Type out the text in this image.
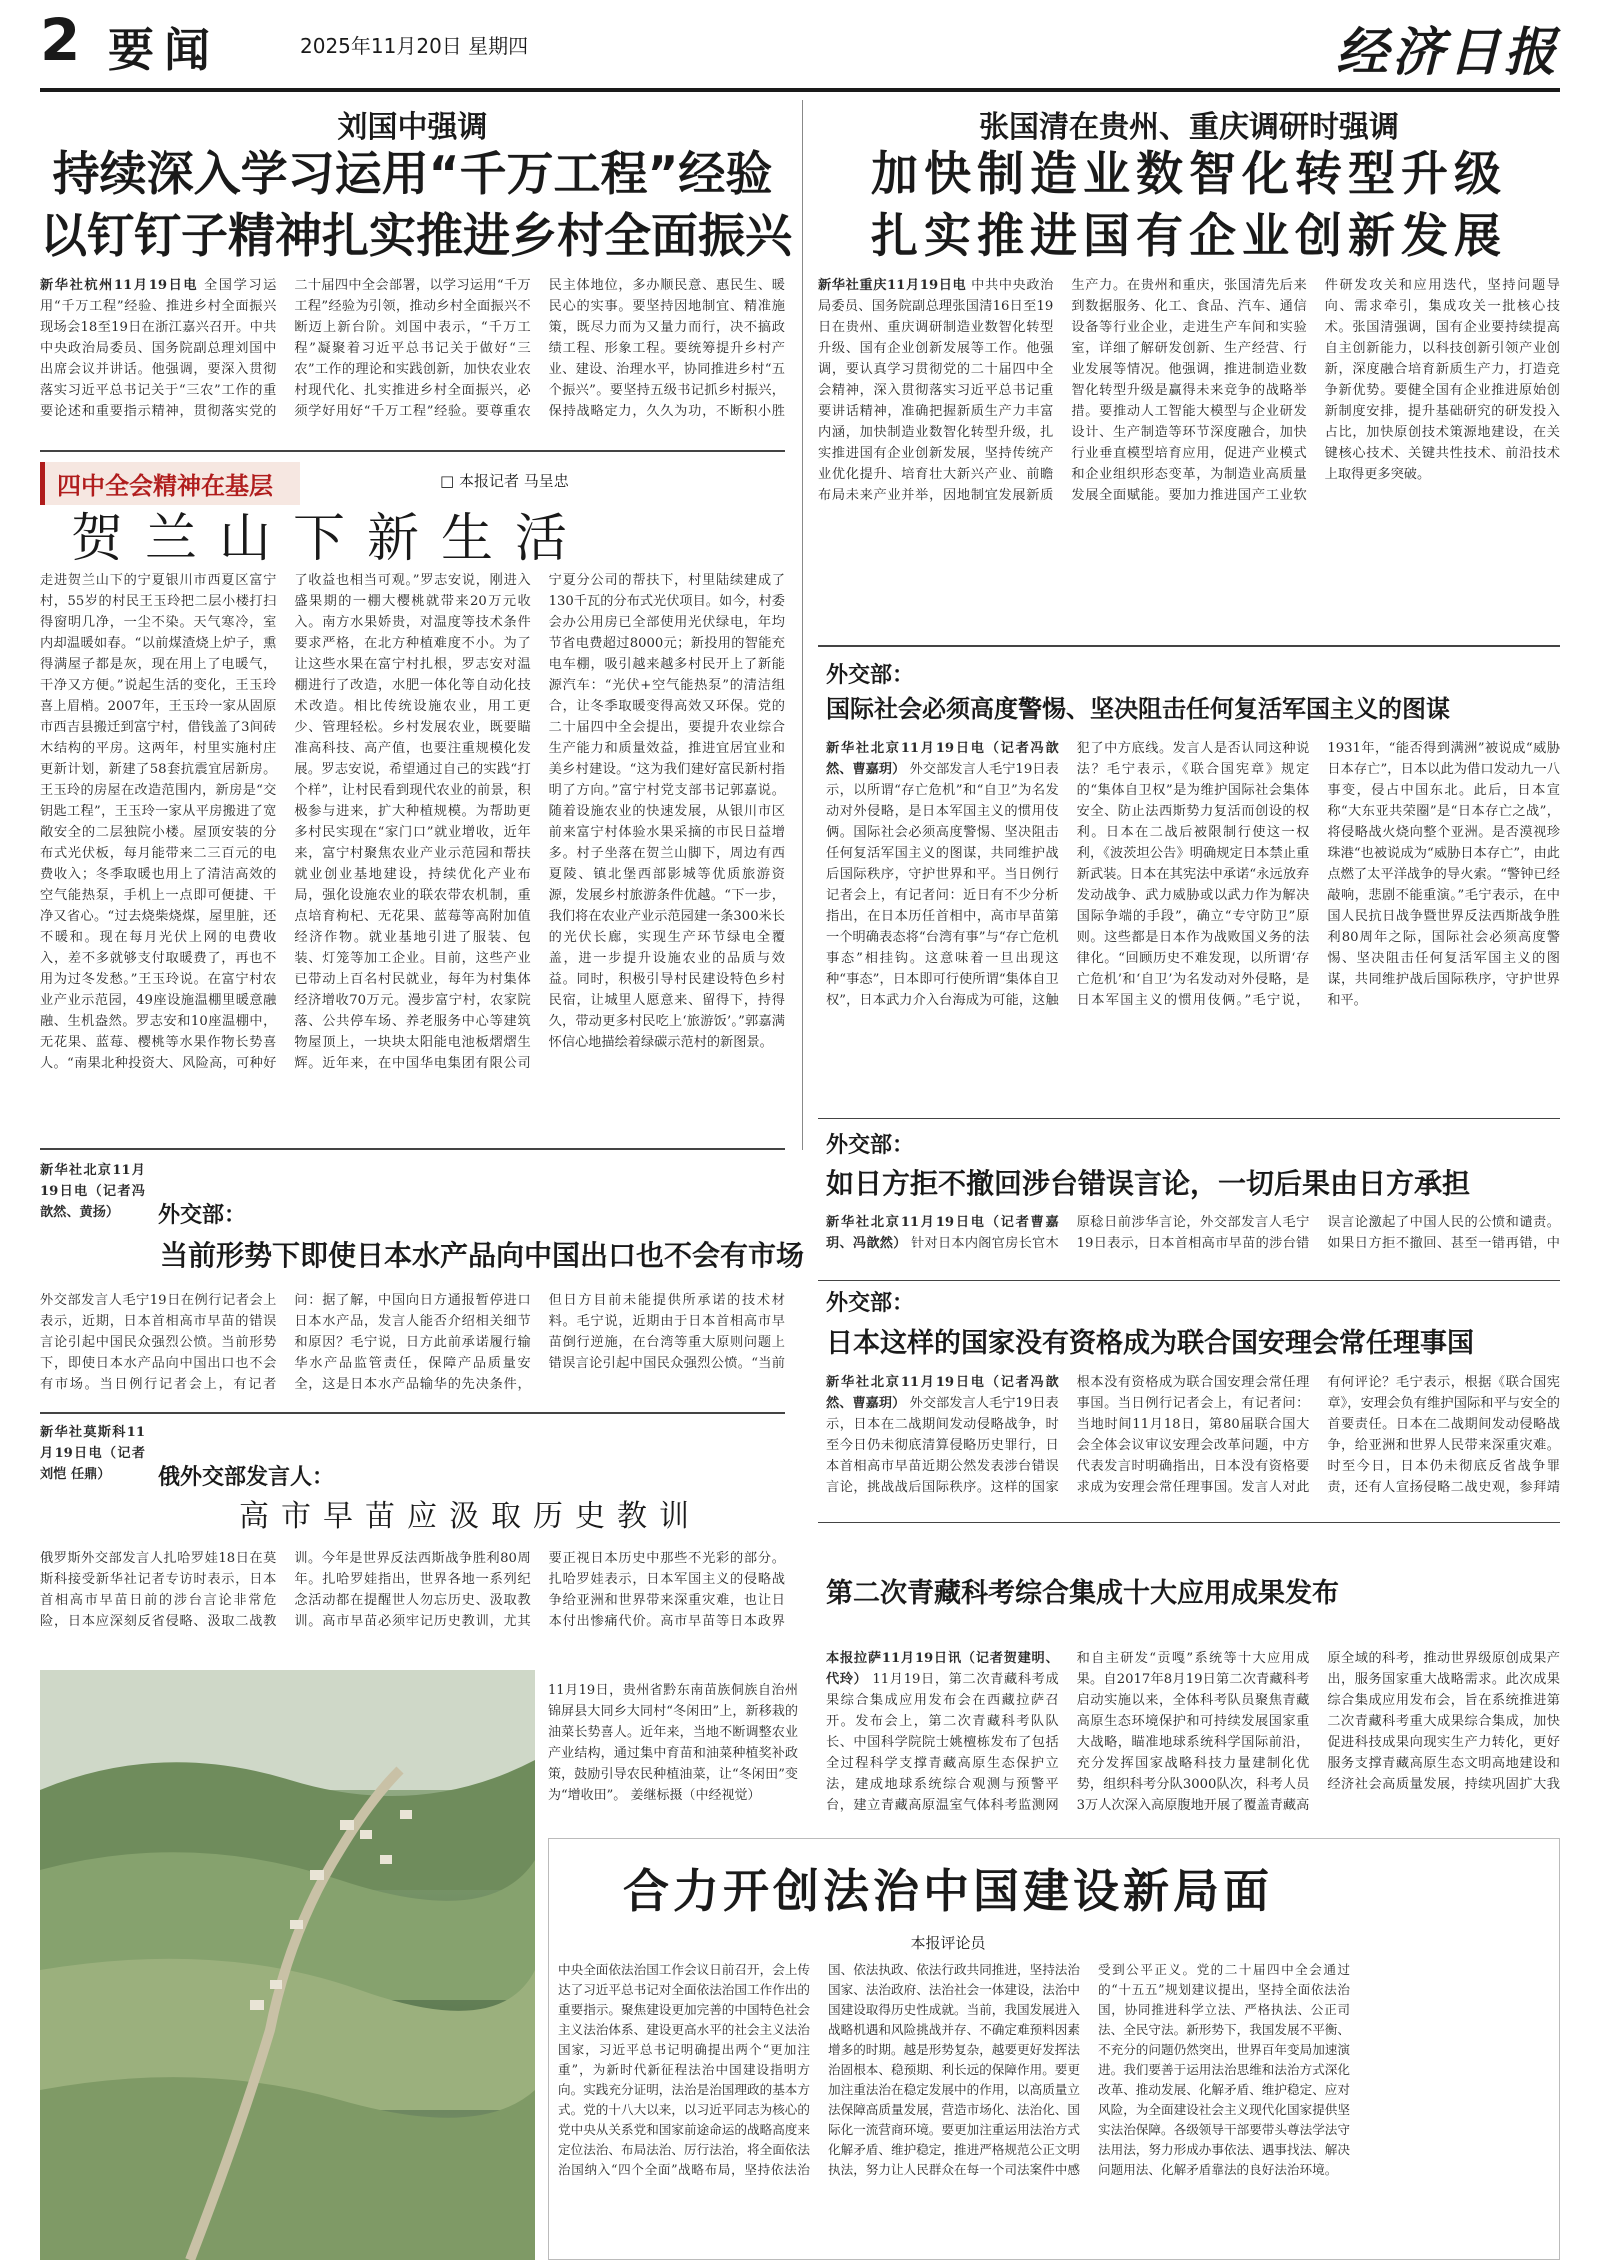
2 要闻	2025年11月20日 星期四	经济日报
刘国中强调
持续深入学习运用“千万工程”经验
以钉钉子精神扎实推进乡村全面振兴
新华社杭州11月19日电 全国学习运用“千万工程”经验、推进乡村全面振兴现场会18至19日在浙江嘉兴召开。中共中央政治局委员、国务院副总理刘国中出席会议并讲话。他强调，要深入贯彻落实习近平总书记关于“三农”工作的重要论述和重要指示精神，贯彻落实党的二十届四中全会部署，以学习运用“千万工程”经验为引领，推动乡村全面振兴不断迈上新台阶。刘国中表示，“千万工程”凝聚着习近平总书记关于做好“三农”工作的理论和实践创新，加快农业农村现代化、扎实推进乡村全面振兴，必须学好用好“千万工程”经验。要尊重农民主体地位，多办顺民意、惠民生、暖民心的实事。要坚持因地制宜、精准施策，既尽力而为又量力而行，决不搞政绩工程、形象工程。要统筹提升乡村产业、建设、治理水平，协同推进乡村“五个振兴”。要坚持五级书记抓乡村振兴，保持战略定力，久久为功，不断积小胜
张国清在贵州、重庆调研时强调
加快制造业数智化转型升级
扎实推进国有企业创新发展
新华社重庆11月19日电 中共中央政治局委员、国务院副总理张国清16日至19日在贵州、重庆调研制造业数智化转型升级、国有企业创新发展等工作。他强调，要认真学习贯彻党的二十届四中全会精神，深入贯彻落实习近平总书记重要讲话精神，准确把握新质生产力丰富内涵，加快制造业数智化转型升级，扎实推进国有企业创新发展，坚持传统产业优化提升、培育壮大新兴产业、前瞻布局未来产业并举，因地制宜发展新质生产力。在贵州和重庆，张国清先后来到数据服务、化工、食品、汽车、通信设备等行业企业，走进生产车间和实验室，详细了解研发创新、生产经营、行业发展等情况。他强调，推进制造业数智化转型升级是赢得未来竞争的战略举措。要推动人工智能大模型与企业研发设计、生产制造等环节深度融合，加快行业垂直模型培育应用，促进产业模式和企业组织形态变革，为制造业高质量发展全面赋能。要加力推进国产工业软件研发攻关和应用迭代，坚持问题导向、需求牵引，集成攻关一批核心技术。张国清强调，国有企业要持续提高自主创新能力，以科技创新引领产业创新，深度融合培育新质生产力，打造竞争新优势。要健全国有企业推进原始创新制度安排，提升基础研究的研发投入占比，加快原创技术策源地建设，在关键核心技术、关键共性技术、前沿技术上取得更多突破。
四中全会精神在基层	□ 本报记者 马呈忠
贺兰山下新生活
走进贺兰山下的宁夏银川市西夏区富宁村，55岁的村民王玉玲把二层小楼打扫得窗明几净，一尘不染。天气寒冷，室内却温暖如春。“以前煤渣烧上炉子，熏得满屋子都是灰，现在用上了电暖气，干净又方便。”说起生活的变化，王玉玲喜上眉梢。2007年，王玉玲一家从固原市西吉县搬迁到富宁村，借钱盖了3间砖木结构的平房。这两年，村里实施村庄更新计划，新建了58套抗震宜居新房。王玉玲的房屋在改造范围内，新房是“交钥匙工程”，王玉玲一家从平房搬进了宽敞安全的二层独院小楼。屋顶安装的分布式光伏板，每月能带来二三百元的电费收入；冬季取暖也用上了清洁高效的空气能热泵，手机上一点即可便捷、干净又省心。“过去烧柴烧煤，屋里脏，还不暖和。现在每月光伏上网的电费收入，差不多就够支付取暖费了，再也不用为过冬发愁。”王玉玲说。在富宁村农业产业示范园，49座设施温棚里暖意融融、生机盎然。罗志安和10座温棚中，无花果、蓝莓、樱桃等水果作物长势喜人。“南果北种投资大、风险高，可种好了收益也相当可观。”罗志安说，刚进入盛果期的一棚大樱桃就带来20万元收入。南方水果娇贵，对温度等技术条件要求严格，在北方种植难度不小。为了让这些水果在富宁村扎根，罗志安对温棚进行了改造，水肥一体化等自动化技术改造。相比传统设施农业，用工更少、管理轻松。乡村发展农业，既要瞄准高科技、高产值，也要注重规模化发展。罗志安说，希望通过自己的实践“打个样”，让村民看到现代农业的前景，积极参与进来，扩大种植规模。为帮助更多村民实现在“家门口”就业增收，近年来，富宁村聚焦农业产业示范园和帮扶就业创业基地建设，持续优化产业布局，强化设施农业的联农带农机制，重点培育枸杞、无花果、蓝莓等高附加值经济作物。就业基地引进了服装、包装、灯笼等加工企业。目前，这些产业已带动上百名村民就业，每年为村集体经济增收70万元。漫步富宁村，农家院落、公共停车场、养老服务中心等建筑物屋顶上，一块块太阳能电池板熠熠生辉。近年来，在中国华电集团有限公司宁夏分公司的帮扶下，村里陆续建成了130千瓦的分布式光伏项目。如今，村委会办公用房已全部使用光伏绿电，年均节省电费超过8000元；新投用的智能充电车棚，吸引越来越多村民开上了新能源汽车：“光伏+空气能热泵”的清洁组合，让冬季取暖变得高效又环保。党的二十届四中全会提出，要提升农业综合生产能力和质量效益，推进宜居宜业和美乡村建设。“这为我们建好富民新村指明了方向。”富宁村党支部书记郭嘉说。随着设施农业的快速发展，从银川市区前来富宁村体验水果采摘的市民日益增多。村子坐落在贺兰山脚下，周边有西夏陵、镇北堡西部影城等优质旅游资源，发展乡村旅游条件优越。“下一步，我们将在农业产业示范园建一条300米长的光伏长廊，实现生产环节绿电全覆盖，进一步提升设施农业的品质与效益。同时，积极引导村民建设特色乡村民宿，让城里人愿意来、留得下，持得久，带动更多村民吃上‘旅游饭’。”郭嘉满怀信心地描绘着绿碳示范村的新图景。
外交部：
国际社会必须高度警惕、坚决阻击任何复活军国主义的图谋
新华社北京11月19日电（记者冯歆然、曹嘉玥） 外交部发言人毛宁19日表示，以所谓“存亡危机”和“自卫”为名发动对外侵略，是日本军国主义的惯用伎俩。国际社会必须高度警惕、坚决阻击任何复活军国主义的图谋，共同维护战后国际秩序，守护世界和平。当日例行记者会上，有记者问：近日有不少分析指出，在日本历任首相中，高市早苗第一个明确表态将“台湾有事”与“存亡危机事态”相挂钩。这意味着一旦出现这种“事态”，日本即可行使所谓“集体自卫权”，日本武力介入台海成为可能，这触犯了中方底线。发言人是否认同这种说法？毛宁表示，《联合国宪章》规定的“集体自卫权”是为维护国际社会集体安全、防止法西斯势力复活而创设的权利。日本在二战后被限制行使这一权利，《波茨坦公告》明确规定日本禁止重新武装。日本在其宪法中承诺“永远放弃发动战争、武力威胁或以武力作为解决国际争端的手段”，确立“专守防卫”原则。这些都是日本作为战败国义务的法律化。“回顾历史不难发现，以所谓‘存亡危机’和‘自卫’为名发动对外侵略，是日本军国主义的惯用伎俩。”毛宁说，1931年，“能否得到满洲”被说成“威胁日本存亡”，日本以此为借口发动九一八事变，侵占中国东北。此后，日本宣称“大东亚共荣圈”是“日本存亡之战”，将侵略战火烧向整个亚洲。是否漠视珍珠港“也被说成为“威胁日本存亡”，由此点燃了太平洋战争的导火索。“警钟已经敲响，悲剧不能重演。”毛宁表示，在中国人民抗日战争暨世界反法西斯战争胜利80周年之际，国际社会必须高度警惕、坚决阻击任何复活军国主义的图谋，共同维护战后国际秩序，守护世界和平。
外交部：
如日方拒不撤回涉台错误言论，一切后果由日方承担
新华社北京11月19日电（记者曹嘉玥、冯歆然） 针对日本内阁官房长官木原稔日前涉华言论，外交部发言人毛宁19日表示，日本首相高市早苗的涉台错误言论激起了中国人民的公愤和谴责。如果日方拒不撤回、甚至一错再错，中
外交部：
日本这样的国家没有资格成为联合国安理会常任理事国
新华社北京11月19日电（记者冯歆然、曹嘉玥） 外交部发言人毛宁19日表示，日本在二战期间发动侵略战争，时至今日仍未彻底清算侵略历史罪行，日本首相高市早苗近期公然发表涉台错误言论，挑战战后国际秩序。这样的国家根本没有资格成为联合国安理会常任理事国。当日例行记者会上，有记者问：当地时间11月18日，第80届联合国大会全体会议审议安理会改革问题，中方代表发言时明确指出，日本没有资格要求成为安理会常任理事国。发言人对此有何评论？毛宁表示，根据《联合国宪章》，安理会负有维护国际和平与安全的首要责任。日本在二战期间发动侵略战争，给亚洲和世界人民带来深重灾难。时至今日，日本仍未彻底反省战争罪责，还有人宣扬侵略二战史观，参拜靖
第二次青藏科考综合集成十大应用成果发布
本报拉萨11月19日讯（记者贺建明、代玲） 11月19日，第二次青藏科考成果综合集成应用发布会在西藏拉萨召开。发布会上，第二次青藏科考队队长、中国科学院院士姚檀栋发布了包括全过程科学支撑青藏高原生态保护立法，建成地球系统综合观测与预警平台，建立青藏高原温室气体科考监测网和自主研发“贡嘎”系统等十大应用成果。自2017年8月19日第二次青藏科考启动实施以来，全体科考队员聚焦青藏高原生态环境保护和可持续发展国家重大战略，瞄准地球系统科学国际前沿，充分发挥国家战略科技力量建制化优势，组织科考分队3000队次，科考人员3万人次深入高原腹地开展了覆盖青藏高原全域的科考，推动世界级原创成果产出，服务国家重大战略需求。此次成果综合集成应用发布会，旨在系统推进第二次青藏科考重大成果综合集成，加快促进科技成果向现实生产力转化，更好服务支撑青藏高原生态文明高地建设和经济社会高质量发展，持续巩固扩大我
新华社北京11月19日电（记者冯歆然、黄扬）	外交部：
当前形势下即使日本水产品向中国出口也不会有市场
外交部发言人毛宁19日在例行记者会上表示，近期，日本首相高市早苗的错误言论引起中国民众强烈公愤。当前形势下，即使日本水产品向中国出口也不会有市场。当日例行记者会上，有记者问：据了解，中国向日方通报暂停进口日本水产品，发言人能否介绍相关细节和原因？毛宁说，日方此前承诺履行输华水产品监管责任，保障产品质量安全，这是日本水产品输华的先决条件，但日方目前未能提供所承诺的技术材料。毛宁说，近期由于日本首相高市早苗倒行逆施，在台湾等重大原则问题上错误言论引起中国民众强烈公愤。“当前
新华社莫斯科11月19日电（记者刘恺 任鼎）	俄外交部发言人：
高市早苗应汲取历史教训
俄罗斯外交部发言人扎哈罗娃18日在莫斯科接受新华社记者专访时表示，日本首相高市早苗日前的涉台言论非常危险，日本应深刻反省侵略、汲取二战教训。今年是世界反法西斯战争胜利80周年。扎哈罗娃指出，世界各地一系列纪念活动都在提醒世人勿忘历史、汲取教训。高市早苗必须牢记历史教训，尤其要正视日本历史中那些不光彩的部分。扎哈罗娃表示，日本军国主义的侵略战争给亚洲和世界带来深重灾难，也让日本付出惨痛代价。高市早苗等日本政界
11月19日，贵州省黔东南苗族侗族自治州锦屏县大同乡大同村“冬闲田”上，新移栽的油菜长势喜人。近年来，当地不断调整农业产业结构，通过集中育苗和油菜种植奖补政策，鼓励引导农民种植油菜，让“冬闲田”变为“增收田”。 姜继标摄（中经视觉）
合力开创法治中国建设新局面
本报评论员
中央全面依法治国工作会议日前召开，会上传达了习近平总书记对全面依法治国工作作出的重要指示。聚焦建设更加完善的中国特色社会主义法治体系、建设更高水平的社会主义法治国家，习近平总书记明确提出两个“更加注重”，为新时代新征程法治中国建设指明方向。实践充分证明，法治是治国理政的基本方式。党的十八大以来，以习近平同志为核心的党中央从关系党和国家前途命运的战略高度来定位法治、布局法治、厉行法治，将全面依法治国纳入“四个全面”战略布局，坚持依法治国、依法执政、依法行政共同推进，坚持法治国家、法治政府、法治社会一体建设，法治中国建设取得历史性成就。当前，我国发展进入战略机遇和风险挑战并存、不确定难预料因素增多的时期。越是形势复杂，越要更好发挥法治固根本、稳预期、利长远的保障作用。要更加注重法治在稳定发展中的作用，以高质量立法保障高质量发展，营造市场化、法治化、国际化一流营商环境。要更加注重运用法治方式化解矛盾、维护稳定，推进严格规范公正文明执法，努力让人民群众在每一个司法案件中感受到公平正义。党的二十届四中全会通过的“十五五”规划建议提出，坚持全面依法治国，协同推进科学立法、严格执法、公正司法、全民守法。新形势下，我国发展不平衡、不充分的问题仍然突出，世界百年变局加速演进。我们要善于运用法治思维和法治方式深化改革、推动发展、化解矛盾、维护稳定、应对风险，为全面建设社会主义现代化国家提供坚实法治保障。各级领导干部要带头尊法学法守法用法，努力形成办事依法、遇事找法、解决问题用法、化解矛盾靠法的良好法治环境。
